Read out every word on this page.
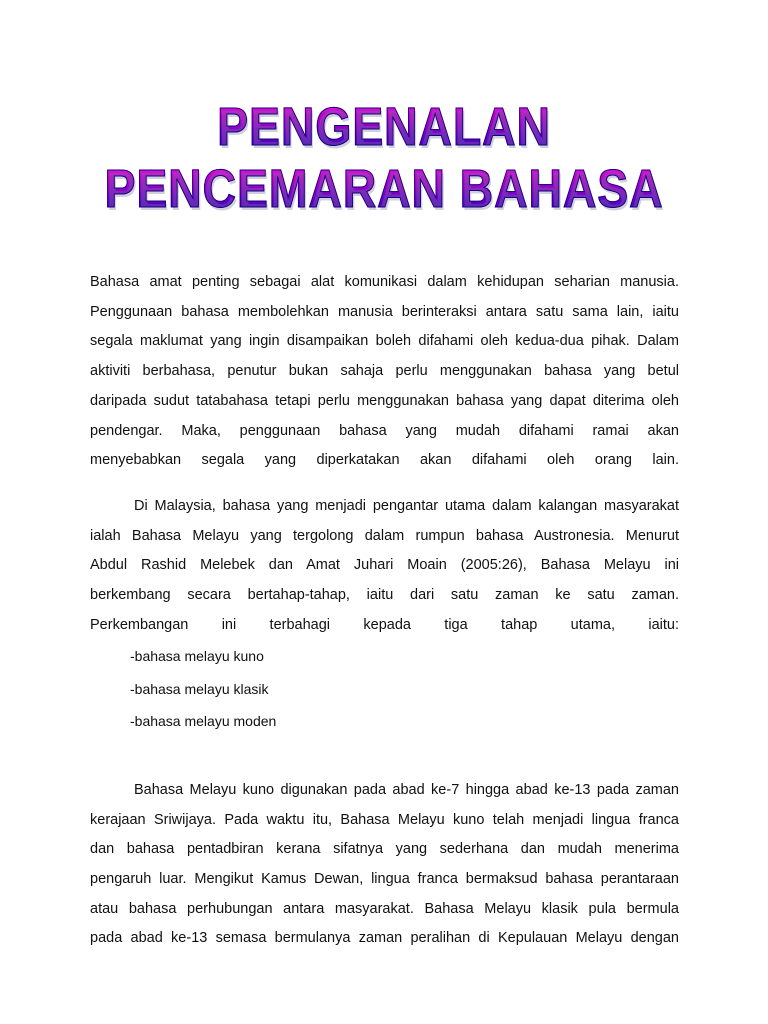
PENGENALAN
PENCEMARAN BAHASA

Bahasa amat penting sebagai alat komunikasi dalam kehidupan seharian manusia.

Penggunaan bahasa membolehkan manusia berinteraksi antara satu sama lain, iaitu

segala maklumat yang ingin disampaikan boleh difahami oleh kedua-dua pihak. Dalam

aktiviti berbahasa, penutur bukan sahaja perlu menggunakan bahasa yang betul

daripada sudut tatabahasa tetapi perlu menggunakan bahasa yang dapat diterima oleh

pendengar. Maka, penggunaan bahasa yang mudah difahami ramai akan

menyebabkan segala yang diperkatakan akan difahami oleh orang lain.

Di Malaysia, bahasa yang menjadi pengantar utama dalam kalangan masyarakat

ialah Bahasa Melayu yang tergolong dalam rumpun bahasa Austronesia. Menurut

Abdul Rashid Melebek dan Amat Juhari Moain (2005:26), Bahasa Melayu ini

berkembang secara bertahap-tahap, iaitu dari satu zaman ke satu zaman.

Perkembangan ini terbahagi kepada tiga tahap utama, iaitu:

-bahasa melayu kuno
-bahasa melayu klasik
-bahasa melayu moden

Bahasa Melayu kuno digunakan pada abad ke-7 hingga abad ke-13 pada zaman

kerajaan Sriwijaya. Pada waktu itu, Bahasa Melayu kuno telah menjadi lingua franca

dan bahasa pentadbiran kerana sifatnya yang sederhana dan mudah menerima

pengaruh luar. Mengikut Kamus Dewan, lingua franca bermaksud bahasa perantaraan

atau bahasa perhubungan antara masyarakat. Bahasa Melayu klasik pula bermula

pada abad ke-13 semasa bermulanya zaman peralihan di Kepulauan Melayu dengan
